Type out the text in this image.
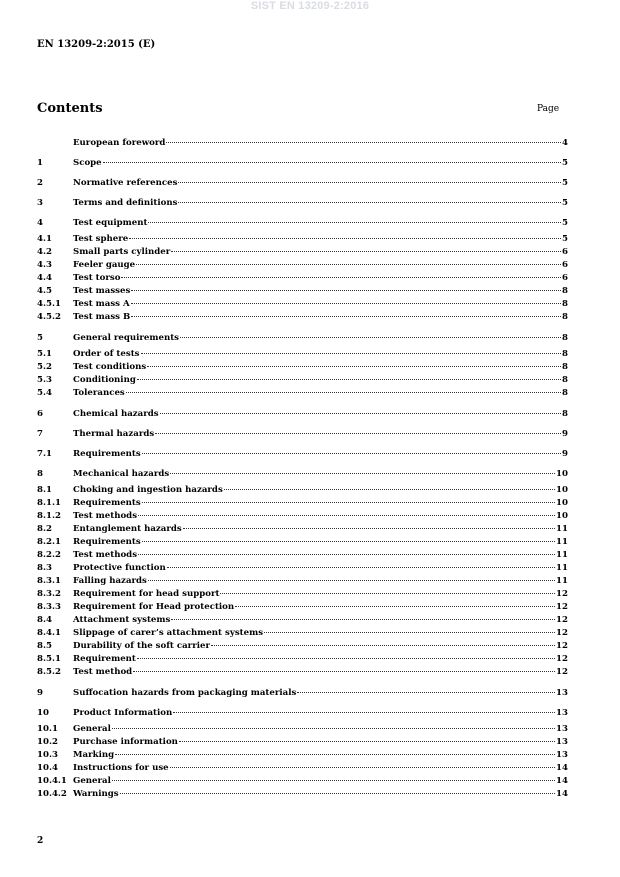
SIST EN 13209-2:2016
EN 13209-2:2015 (E)
Contents	Page
European foreword	4
1	Scope	5
2	Normative references	5
3	Terms and definitions	5
4	Test equipment	5
4.1	Test sphere	5
4.2	Small parts cylinder	6
4.3	Feeler gauge	6
4.4	Test torso	6
4.5	Test masses	8
4.5.1	Test mass A	8
4.5.2	Test mass B	8
5	General requirements	8
5.1	Order of tests	8
5.2	Test conditions	8
5.3	Conditioning	8
5.4	Tolerances	8
6	Chemical hazards	8
7	Thermal hazards	9
7.1	Requirements	9
8	Mechanical hazards	10
8.1	Choking and ingestion hazards	10
8.1.1	Requirements	10
8.1.2	Test methods	10
8.2	Entanglement hazards	11
8.2.1	Requirements	11
8.2.2	Test methods	11
8.3	Protective function	11
8.3.1	Falling hazards	11
8.3.2	Requirement for head support	12
8.3.3	Requirement for Head protection	12
8.4	Attachment systems	12
8.4.1	Slippage of carer’s attachment systems	12
8.5	Durability of the soft carrier	12
8.5.1	Requirement	12
8.5.2	Test method	12
9	Suffocation hazards from packaging materials	13
10	Product Information	13
10.1	General	13
10.2	Purchase information	13
10.3	Marking	13
10.4	Instructions for use	14
10.4.1 General	14
10.4.2 Warnings	14
2
